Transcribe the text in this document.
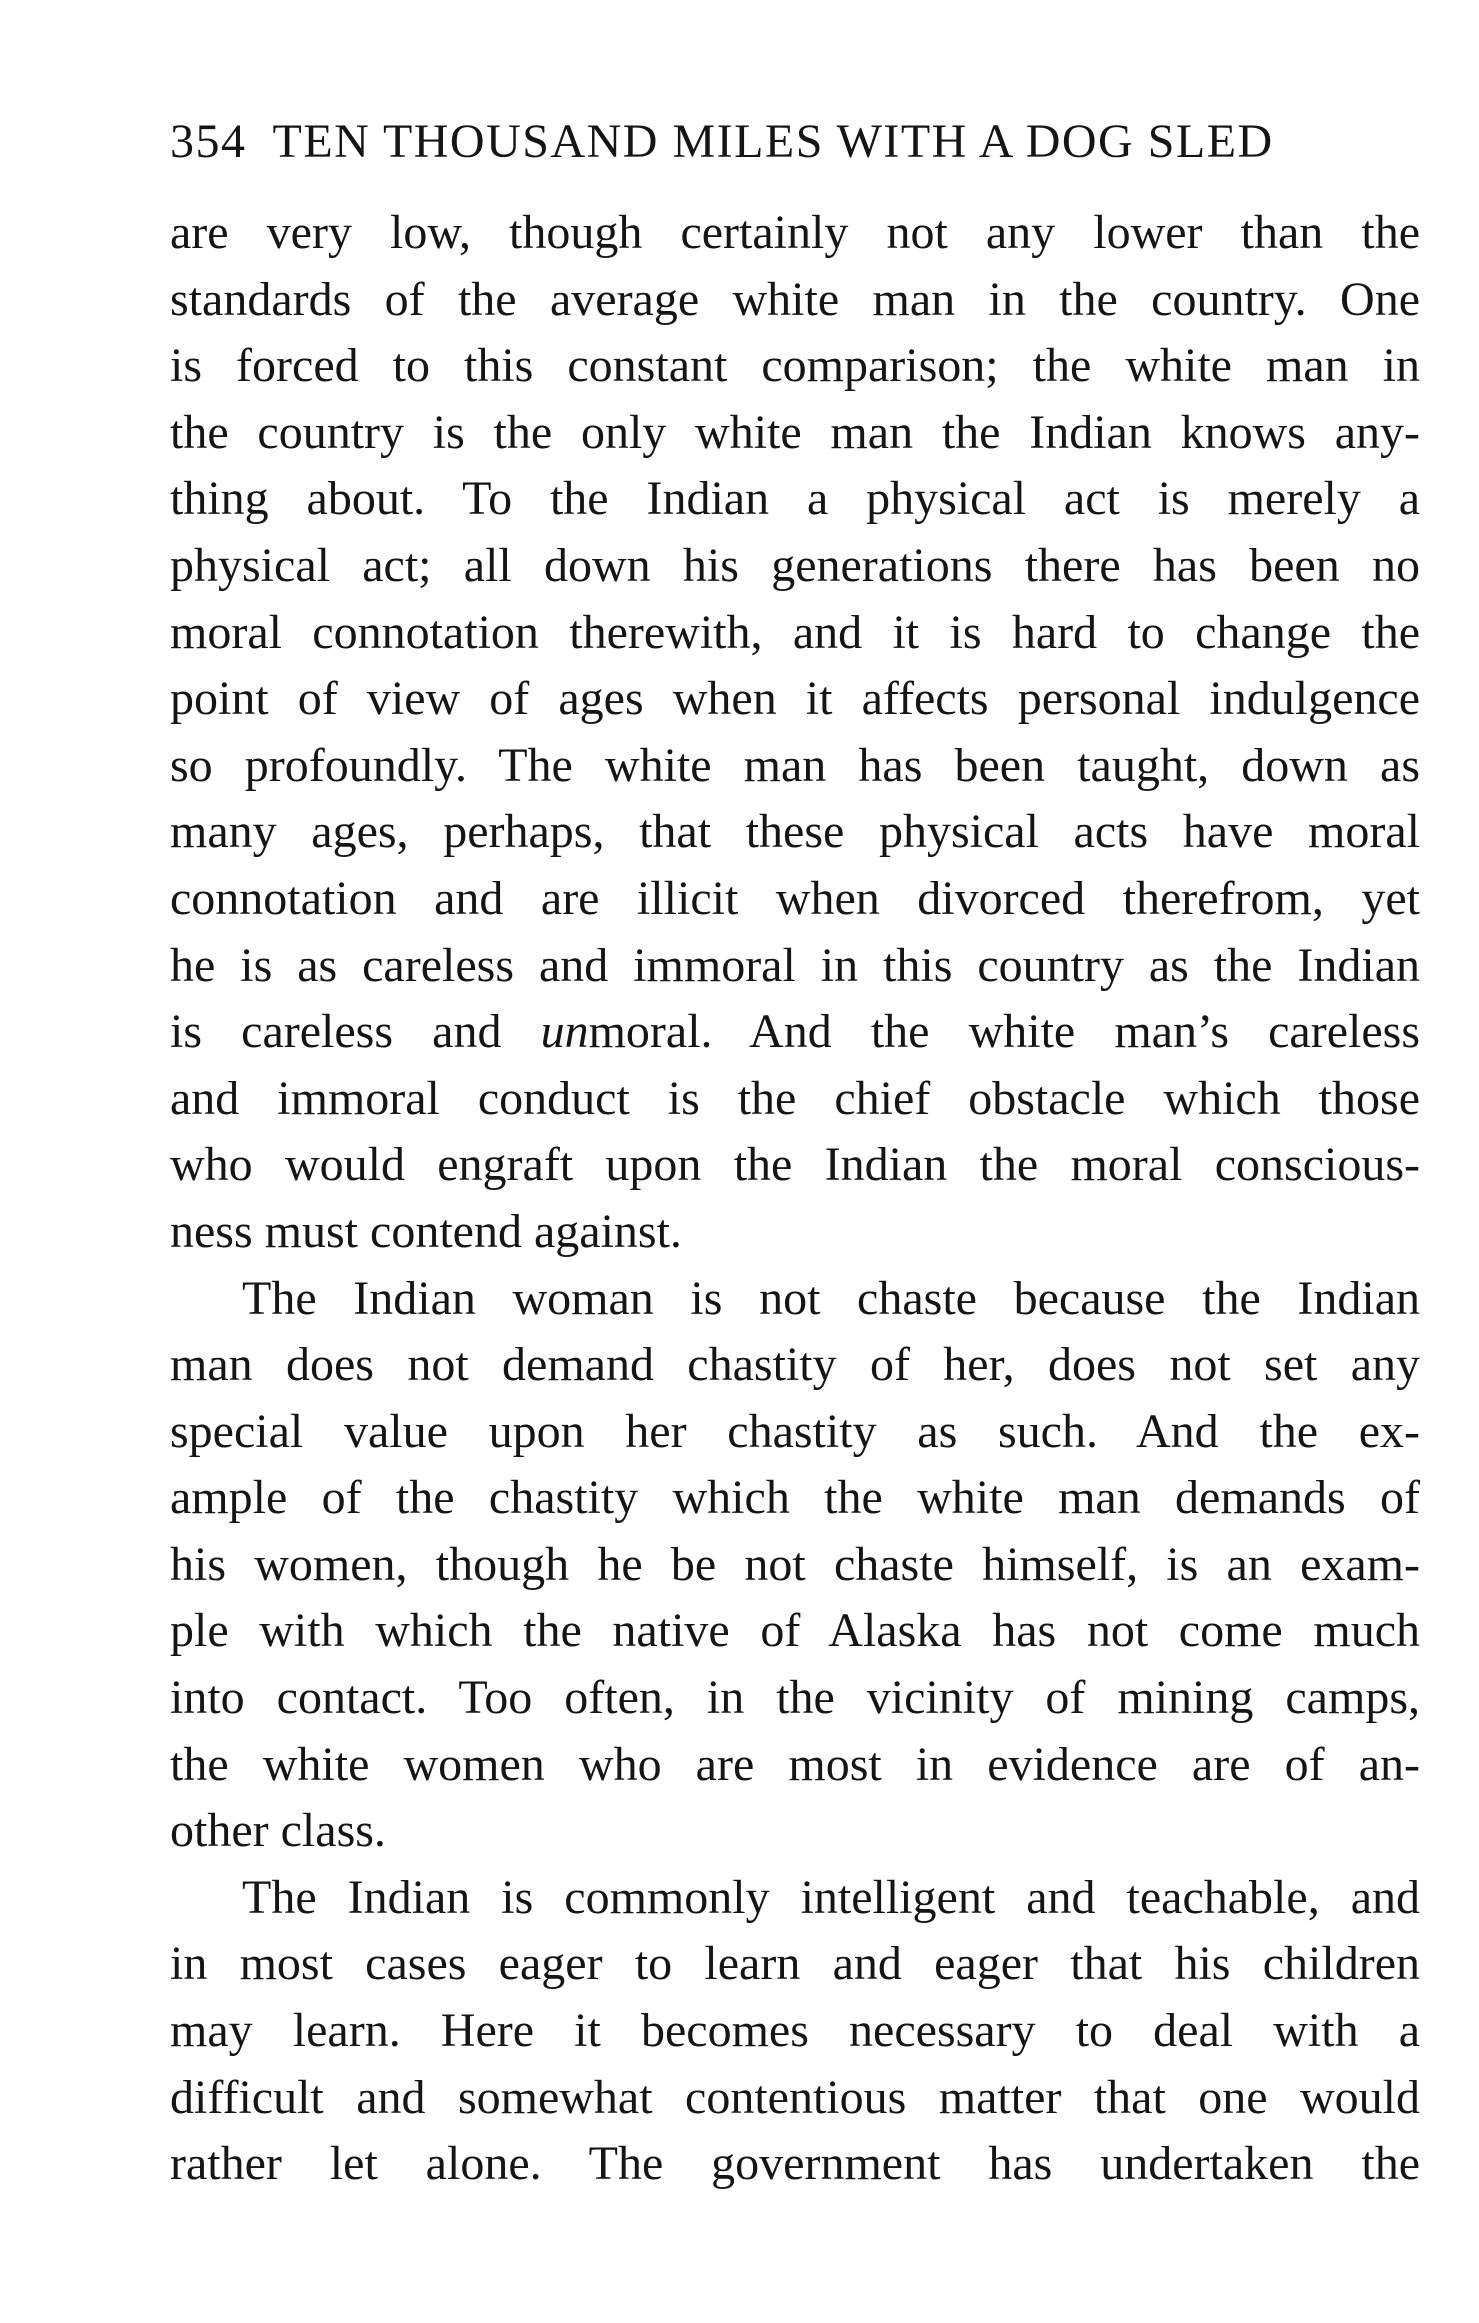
354 TEN THOUSAND MILES WITH A DOG SLED
are very low, though certainly not any lower than the
standards of the average white man in the country. One
is forced to this constant comparison; the white man in
the country is the only white man the Indian knows any-
thing about. To the Indian a physical act is merely a
physical act; all down his generations there has been no
moral connotation therewith, and it is hard to change the
point of view of ages when it affects personal indulgence
so profoundly. The white man has been taught, down as
many ages, perhaps, that these physical acts have moral
connotation and are illicit when divorced therefrom, yet
he is as careless and immoral in this country as the Indian
is careless and unmoral. And the white man’s careless
and immoral conduct is the chief obstacle which those
who would engraft upon the Indian the moral conscious-
ness must contend against.
The Indian woman is not chaste because the Indian
man does not demand chastity of her, does not set any
special value upon her chastity as such. And the ex-
ample of the chastity which the white man demands of
his women, though he be not chaste himself, is an exam-
ple with which the native of Alaska has not come much
into contact. Too often, in the vicinity of mining camps,
the white women who are most in evidence are of an-
other class.
The Indian is commonly intelligent and teachable, and
in most cases eager to learn and eager that his children
may learn. Here it becomes necessary to deal with a
difficult and somewhat contentious matter that one would
rather let alone. The government has undertaken the
